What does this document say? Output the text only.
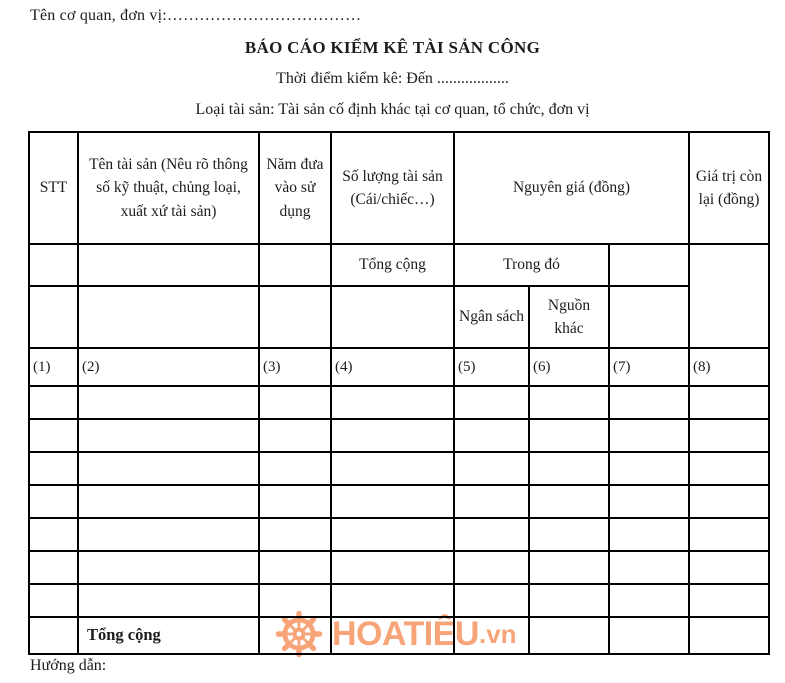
Tên cơ quan, đơn vị:………………………………
BÁO CÁO KIỂM KÊ TÀI SẢN CÔNG
Thời điểm kiểm kê: Đến ..................
Loại tài sản: Tài sản cố định khác tại cơ quan, tổ chức, đơn vị
STT	Tên tài sản (Nêu rõ thông số kỹ thuật, chủng loại, xuất xứ tài sản)	Năm đưa vào sử dụng	Số lượng tài sản (Cái/chiếc…)	Nguyên giá (đồng)			Giá trị còn lại (đồng)
			Tổng cộng	Trong đó			
				Ngân sách	Nguồn khác		
(1)	(2)	(3)	(4)	(5)	(6)	(7)	(8)

	Tổng cộng							HOATIÊU .vn
Hướng dẫn:
